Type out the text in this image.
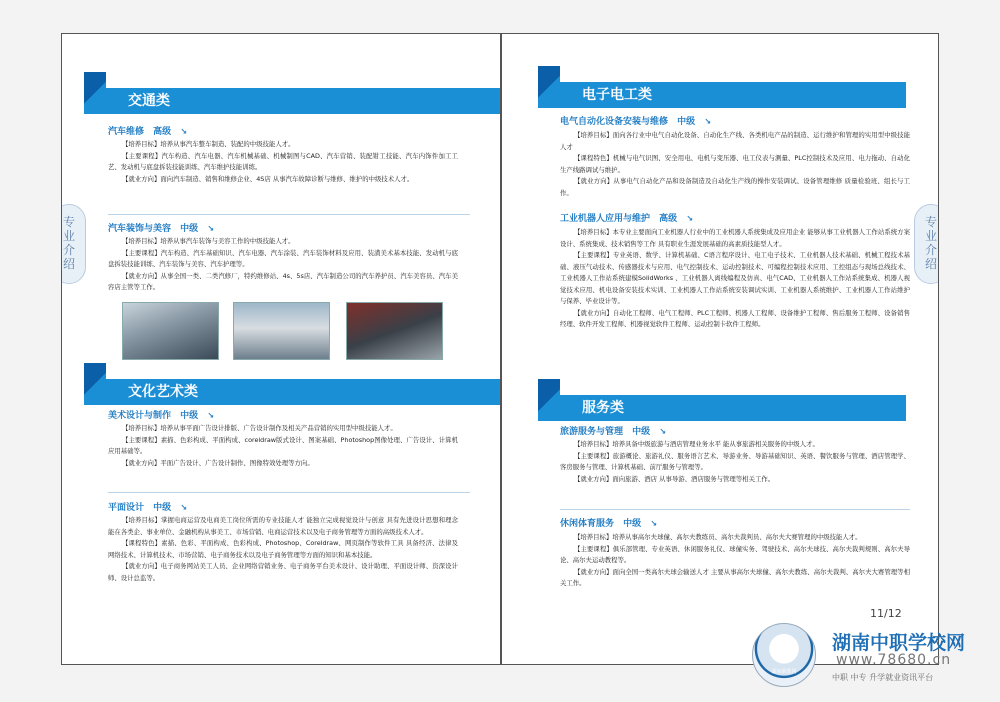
专
业
介
绍
交通类
汽车维修 高级 ↘

【培养目标】培养从事汽车整车制造、装配的中级技能人才。

【主要课程】汽车构造、汽车电器、汽车机械基础、机械制图与CAD、汽车营销、装配钳工技能、汽车内饰件加工工艺、发动机与底盘拆装技能训练、汽车维护技能训练。

【就业方向】面向汽车制造、销售和维修企业、4S店 从事汽车故障诊断与维修、维护的中级技术人才。

汽车装饰与美容 中级 ↘

【培养目标】培养从事汽车装饰与美容工作的中级技能人才。

【主要课程】汽车构造、汽车基础知识、汽车电器、汽车涂装、汽车装饰材料及应用、装潢美术基本技能、发动机与底盘拆装技能训练、汽车装饰与美容、汽车护理等。

【就业方向】从事全国一类、二类汽修厂，特约维修站、4s、5s店、汽车制造公司的汽车养护员、汽车美容员、汽车美容店主管等工作。

文化艺术类
美术设计与制作 中级 ↘

【培养目标】培养从事平面广告设计排版、广告设计制作及相关产品营销的实用型中级技能人才。

【主要课程】素描、色彩构成、平面构成、coreldraw版式设计、图案基础、Photoshop图像处理、广告设计、计算机应用基础等。

【就业方向】平面广告设计、广告设计制作、图像特效处理等方向。

平面设计 中级 ↘

【培养目标】掌握电商运营及电商美工岗位所需的专业技能人才 能独立完成视觉设计与创意 具有先进设计思想和理念 能在各类企、事业单位、金融机构从事美工、市场营销、电商运营技术以及电子商务管理等方面的高级技术人才。

【课程特色】素描、色彩、平面构成、色彩构成、Photoshop、Coreldraw、网页制作等软件工具 具备经济、法律及网络技术、计算机技术、市场营销、电子商务技术以及电子商务管理等方面的知识和基本技能。

【就业方向】电子商务网站美工人员、企业网络营销业务、电子商务平台美术设计、设计助理、平面设计师、资深设计师、设计总监等。

专
业
介
绍
电子电工类
电气自动化设备安装与维修 中级 ↘

【培养目标】面向各行业中电气自动化设备、自动化生产线、各类机电产品的制造、运行维护和管理的实用型中级技能人才

【课程特色】机械与电气识图、安全用电、电机与变压器、电工仪表与测量、PLC控制技术及应用、电力拖动、自动化生产线路调试与维护。

【就业方向】从事电气自动化产品和设备制造及自动化生产线的操作安装调试、设备管理维修 质量检验班、组长与工作。

工业机器人应用与维护 高级 ↘

【培养目标】本专业主要面向工业机器人行业中的工业机器人系统集成及应用企业 能够从事工业机器人工作站系统方案设计、系统集成、技术销售等工作 具有职业生涯发展基础的高素质技能型人才。

【主要课程】专业英语、数学、计算机基础、C语言程序设计、电工电子技术、工业机器人技术基础、机械工程技术基础、液压气动技术、传感器技术与应用、电气控制技术、运动控制技术、可编程控制技术应用、工控组态与现场总线技术、工业机器人工作站系统建模SolidWorks 、工业机器人离线编程及仿真、电气CAD、工业机器人工作站系统集成、机器人视觉技术应用、机电设备安装技术实训、工业机器人工作站系统安装调试实训、工业机器人系统维护、工业机器人工作站维护与保养、毕业设计等。

【就业方向】自动化工程师、电气工程师、PLC工程师、机器人工程师、设备维护工程师、售后服务工程师、设备销售经理、软件开发工程师、机器视觉软件工程师、运动控制卡软件工程师。

服务类
旅游服务与管理 中级 ↘

【培养目标】培养具备中级旅游与酒店管理业务水平 能从事旅游相关服务的中级人才。

【主要课程】旅游概论、旅游礼仪、服务语言艺术、导游业务、导游基础知识、英语、餐饮服务与管理、酒店管理学、客房服务与管理、计算机基础、前厅服务与管理等。

【就业方向】面向旅游、酒店 从事导游、酒店服务与管理等相关工作。

休闲体育服务 中级 ↘

【培养目标】培养从事高尔夫球僮、高尔夫教练员、高尔夫裁判员、高尔夫大赛管理的中级技能人才。

【主要课程】俱乐部管理、专业英语、休闲服务礼仪、球僮实务、驾驶技术、高尔夫球技、高尔夫裁判规则、高尔夫导论、高尔夫运动教程等。

【就业方向】面向全国一类高尔夫球会输送人才 主要从事高尔夫球僮、高尔夫教练、高尔夫裁判、高尔夫大赛管理等相关工作。

11/12
湖南职教网
湖南中职学校网
www.78680.cn
中职 中专 升学就业资讯平台
